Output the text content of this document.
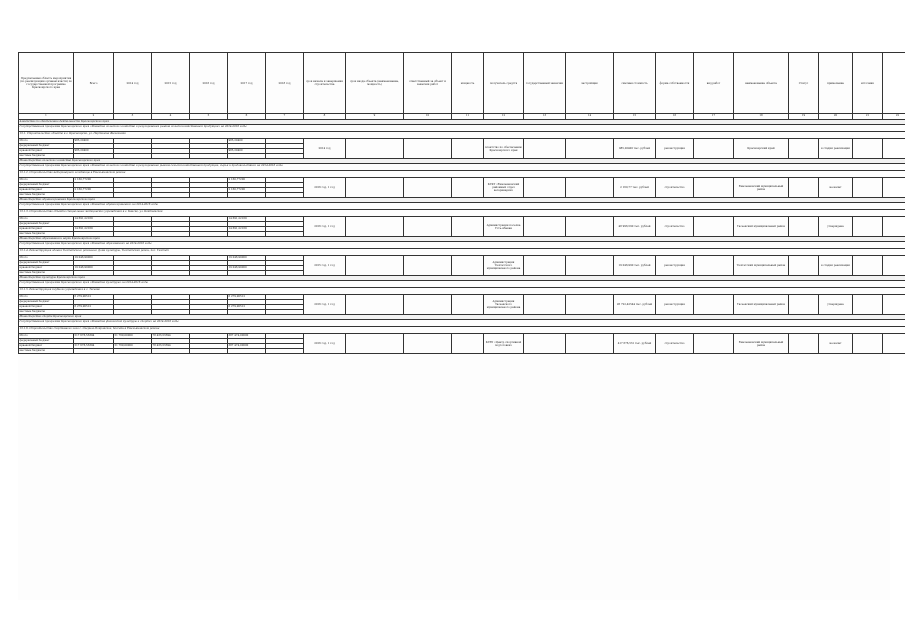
Предлагаемая область мероприятия (по реализующим органам власти) по государственной программе Красноярского края	Всего	2014 год	2015 год	2016 год	2017 год	2018 год	срок начала и завершения строительства	срок ввода объекта (наименование, мощность)	ответственный за объект и заказчик работ	мощность	получатель средств	государственный заказчик	застройщик	сметная стоимость	форма собственности	вид работ	наименование объекта	Статус	примечание	источник	
1	2	3	4	5	6	7	8	9	10	11	12	13	14	15	16	17	18	19	20	21	22
Агентство по обеспечению деятельности Красноярского края																					
Государственная программа Красноярского края «Развитие сельского хозяйства и регулирования рынков сельскохозяйственной продукции» на 2014-2016 годы																					
13.1. Строительство объекта в г. Красноярске, ул. Партизана Железняка																					
Итого	985,20400				985,20400		2014 год				Агентство по обеспечению Красноярского края			985,20400 тыс. рублей	реконструкция		Красноярский край		в стадии реализации		
федеральный бюджет																					
краевой бюджет	985,20400				985,20400																
местные бюджеты																					
Министерство сельского хозяйства Красноярского края																					
Государственная программа Красноярского края «Развитие сельского хозяйства и регулирование рынков сельскохозяйственной продукции, сырья и продовольствия» на 2014-2016 годы																					
13.1.2. Строительство ветеринарной лечебницы в Емельяновском районе																					
Итого	2 160,77200				2 160,77200		2016 год, 1 год				КГКУ «Емельяновский районный отдел ветеринарии»			2 160,77 тыс. рублей	строительство		Емельяновский муниципальный район		не начат		
федеральный бюджет																					
краевой бюджет	2 160,77200				2 160,77200																
местные бюджеты																					
Министерство здравоохранения Красноярского края																					
Государственная программа Красноярского края «Развитие здравоохранения» на 2014-2016 годы																					
13.1.3. Строительство объекта специальных медицинских учреждений в г. Канске, ул. Кайтымская																					
Итого	14 691,22169				14 691,22169		2016 год, 1 год				Администрация поселка Усть-Абакан			48 996,590 тыс. рублей	строительство		Тасеевский муниципальный район		утверждена		
федеральный бюджет																					
краевой бюджет	14 691,22169				14 691,22169																
местные бюджеты																					
Министерство образования и науки Красноярского края																					
Государственная программа Красноярского края «Развитие образования» на 2014-2016 годы																					
13.1.4. Реконструкция здания Тюхтетского районного Дома культуры, Тюхтетский район, пос. Тюхтет																					
Итого	19 046,99000				19 046,99000		2015 год, 1 год				Администрация Тюхтетского муниципального района			19 046,990 тыс. рублей	реконструкция		Тюхтетский муниципальный район		в стадии реализации		
федеральный бюджет																					
краевой бюджет	19 046,99000				19 046,99000																
местные бюджеты																					
Министерство культуры Красноярского края																					
Государственная программа Красноярского края «Развитие культуры» на 2014-2016 годы																					
13.1.5. Реконструкция клубного учреждения в с. Тасеево																					
Итого	6 279,90512				6 279,90512		2016 год, 1 год				Администрация Тасеевского муниципального района			26 722,42544 тыс. рублей	реконструкция		Тасеевский муниципальный район		утверждена		
федеральный бюджет																					
краевой бюджет	6 279,90512				6 279,90512																
местные бюджеты																					
Министерство спорта Красноярского края																					
Государственная программа Красноярского края «Развитие физической культуры и спорта» на 2014-2016 годы																					
13.1.6. Строительство спортивного зала с. Озерное-Покровское, бассейн в Емельяновском районе																					
Итого	517 676,53394	51 769,00000	78 433,53394		387 474,00000		2016 год, 1 год				КГБУ «Центр спортивной подготовки»			417 676,531 тыс. рублей	строительство		Емельяновский муниципальный район		не начат		
федеральный бюджет																					
краевой бюджет	517 676,53394	51 769,00000	78 433,53394		387 474,00000																
местные бюджеты																					
